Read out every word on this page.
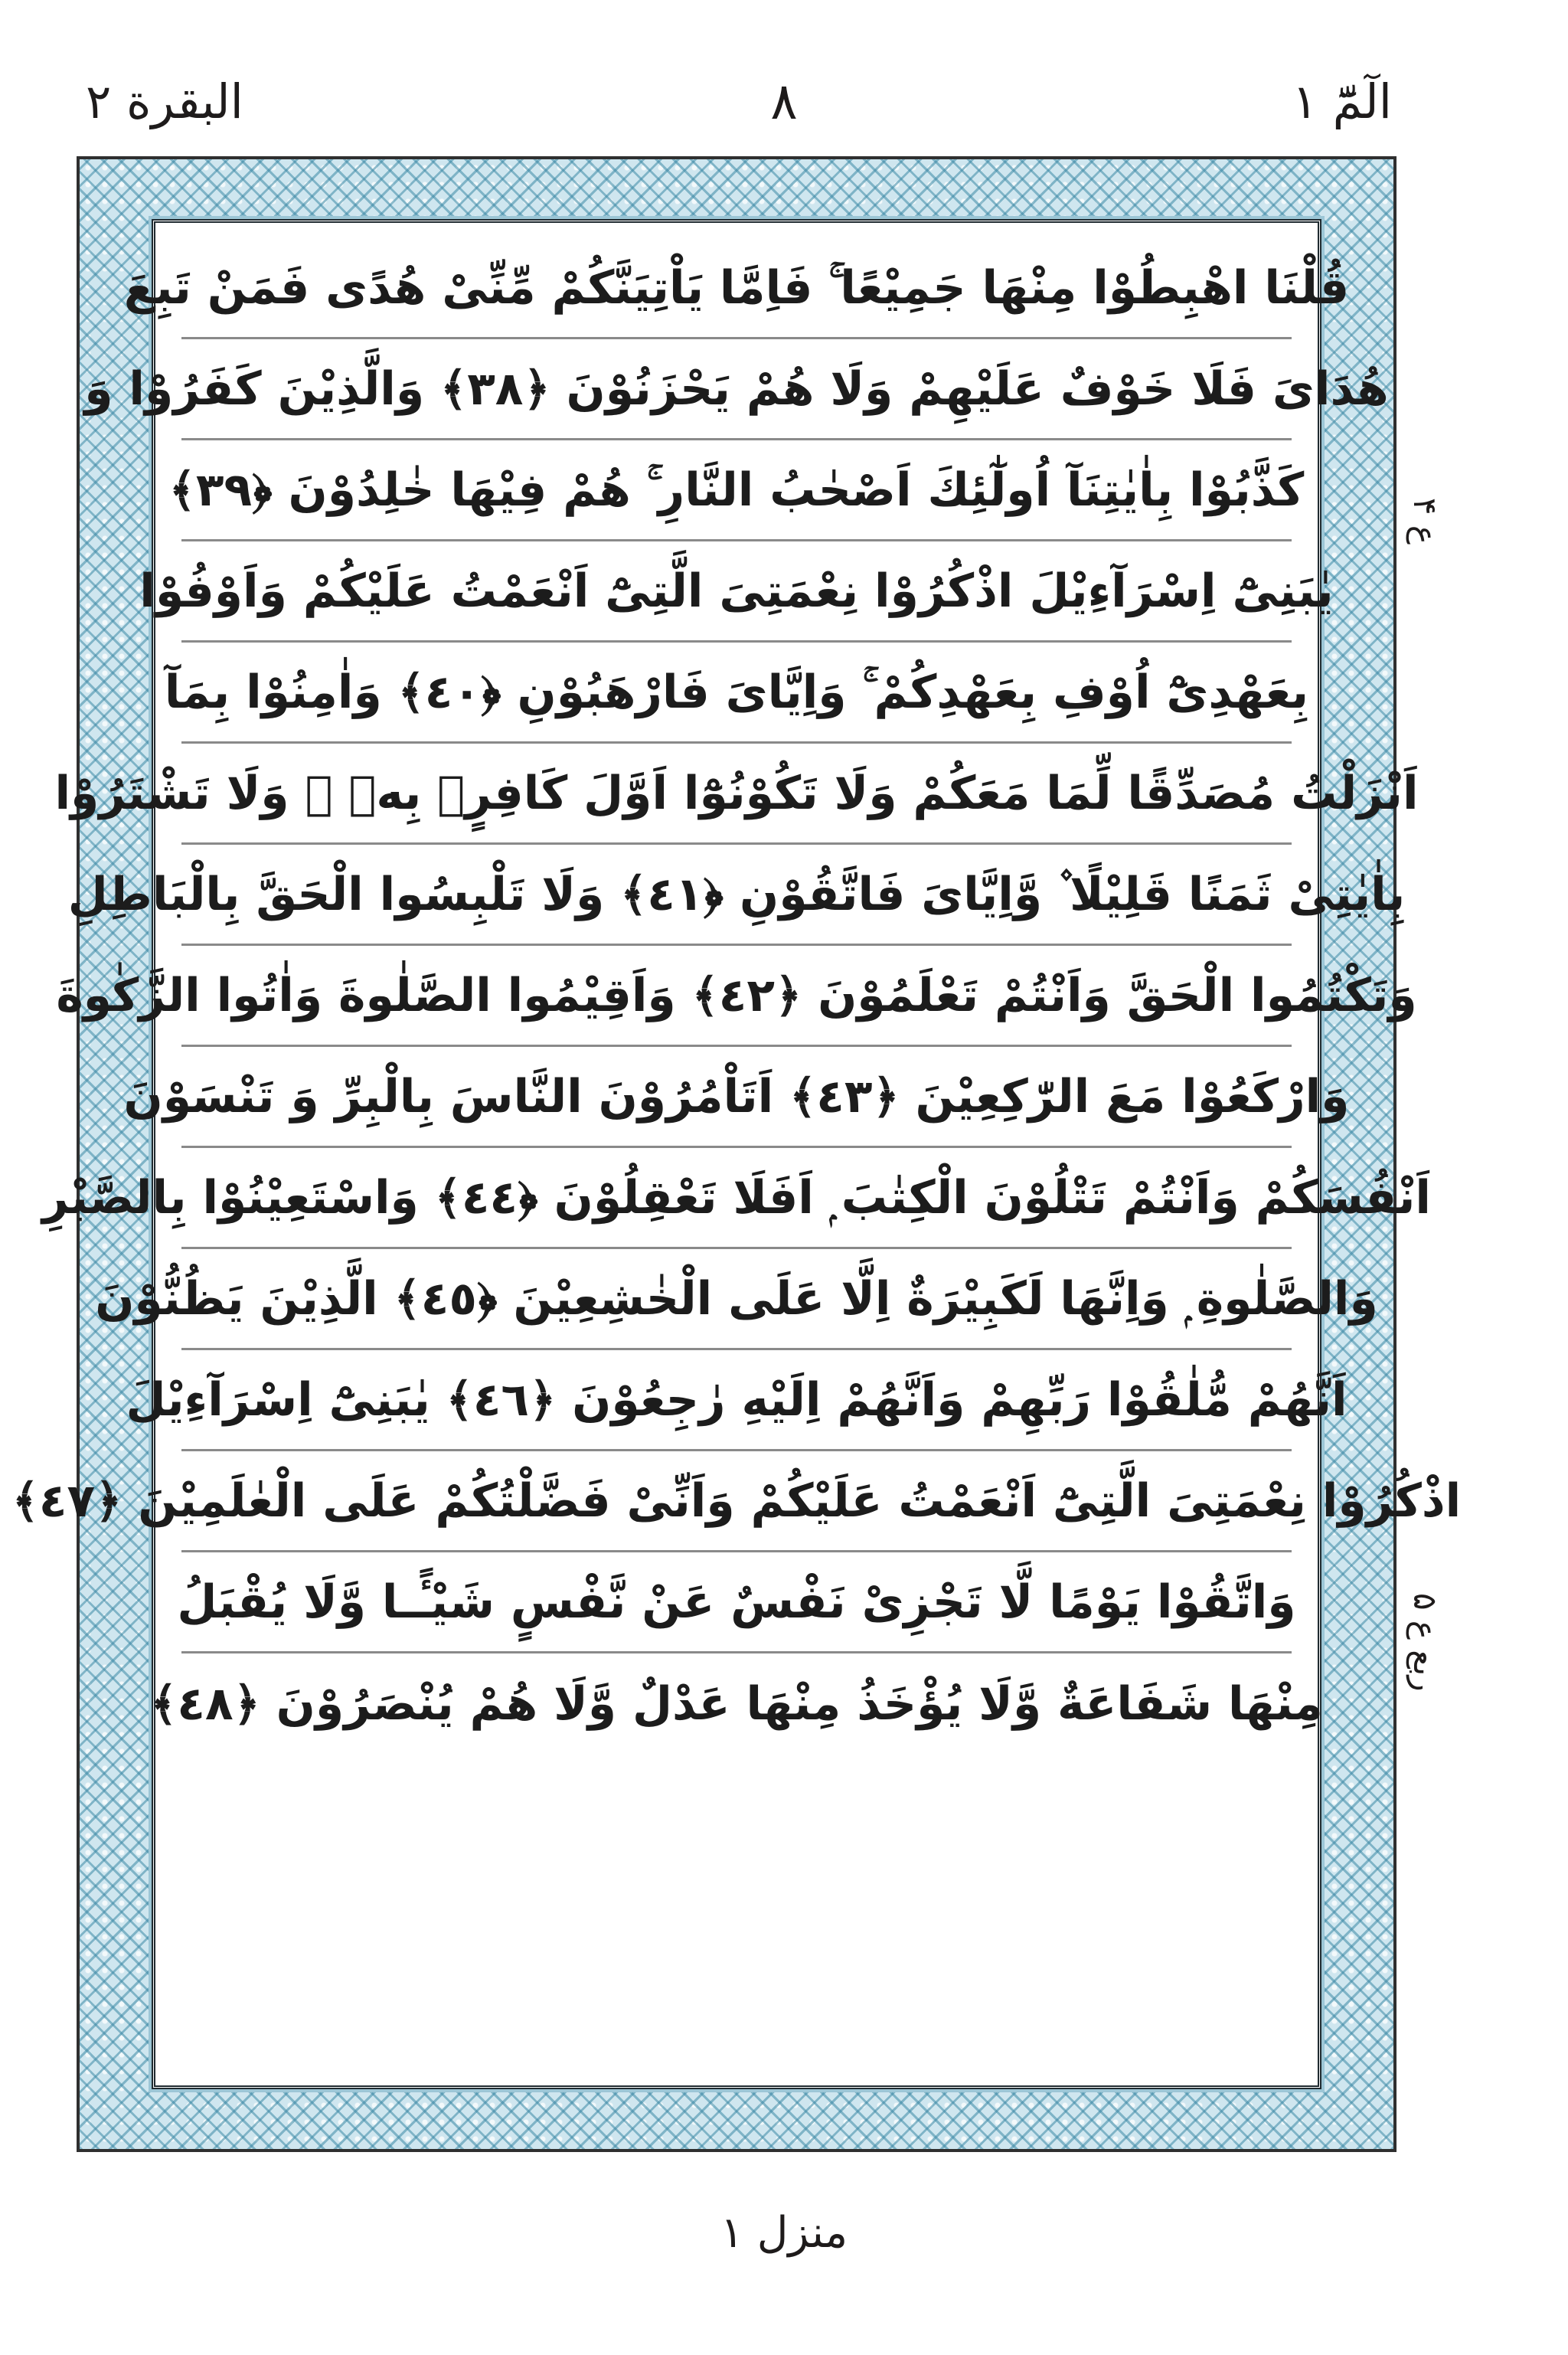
الٓمّٓ ١
٨
البقرة ٢
قُلْنَا اهْبِطُوْا مِنْهَا جَمِيْعًا ۚ فَاِمَّا يَاْتِيَنَّكُمْ مِّنِّىْ هُدًى فَمَنْ تَبِعَ
هُدَاىَ فَلَا خَوْفٌ عَلَيْهِمْ وَلَا هُمْ يَحْزَنُوْنَ ﴿٣٨﴾ وَالَّذِيْنَ كَفَرُوْا وَ
كَذَّبُوْا بِاٰيٰتِنَآ اُولٰٓئِكَ اَصْحٰبُ النَّارِ ۚ هُمْ فِيْهَا خٰلِدُوْنَ ﴿٣٩﴾
يٰبَنِىْٓ اِسْرَآءِيْلَ اذْكُرُوْا نِعْمَتِىَ الَّتِىْٓ اَنْعَمْتُ عَلَيْكُمْ وَاَوْفُوْا
بِعَهْدِىْٓ اُوْفِ بِعَهْدِكُمْ ۚ وَاِيَّاىَ فَارْهَبُوْنِ ﴿٤٠﴾ وَاٰمِنُوْا بِمَآ
اَنْزَلْتُ مُصَدِّقًا لِّمَا مَعَكُمْ وَلَا تَكُوْنُوْٓا اَوَّلَ كَافِرٍۢ بِهٖ ۖ وَلَا تَشْتَرُوْا
بِاٰيٰتِىْ ثَمَنًا قَلِيْلًا ۫ وَّاِيَّاىَ فَاتَّقُوْنِ ﴿٤١﴾ وَلَا تَلْبِسُوا الْحَقَّ بِالْبَاطِلِ
وَتَكْتُمُوا الْحَقَّ وَاَنْتُمْ تَعْلَمُوْنَ ﴿٤٢﴾ وَاَقِيْمُوا الصَّلٰوةَ وَاٰتُوا الزَّكٰوةَ
وَارْكَعُوْا مَعَ الرّٰكِعِيْنَ ﴿٤٣﴾ اَتَاْمُرُوْنَ النَّاسَ بِالْبِرِّ وَ تَنْسَوْنَ
اَنْفُسَكُمْ وَاَنْتُمْ تَتْلُوْنَ الْكِتٰبَ ۭ اَفَلَا تَعْقِلُوْنَ ﴿٤٤﴾ وَاسْتَعِيْنُوْا بِالصَّبْرِ
وَالصَّلٰوةِ ۭ وَاِنَّهَا لَكَبِيْرَةٌ اِلَّا عَلَى الْخٰشِعِيْنَ ﴿٤٥﴾ الَّذِيْنَ يَظُنُّوْنَ
اَنَّهُمْ مُّلٰقُوْا رَبِّهِمْ وَاَنَّهُمْ اِلَيْهِ رٰجِعُوْنَ ﴿٤٦﴾ يٰبَنِىْٓ اِسْرَآءِيْلَ
اذْكُرُوْا نِعْمَتِىَ الَّتِىْٓ اَنْعَمْتُ عَلَيْكُمْ وَاَنِّىْ فَضَّلْتُكُمْ عَلَى الْعٰلَمِيْنَ ﴿٤٧﴾
وَاتَّقُوْا يَوْمًا لَّا تَجْزِىْ نَفْسٌ عَنْ نَّفْسٍ شَيْـًٔـا وَّلَا يُقْبَلُ
مِنْهَا شَفَاعَةٌ وَّلَا يُؤْخَذُ مِنْهَا عَدْلٌ وَّلَا هُمْ يُنْصَرُوْنَ ﴿٤٨﴾
ع ۴
ربع ع ۵
منزل ١
